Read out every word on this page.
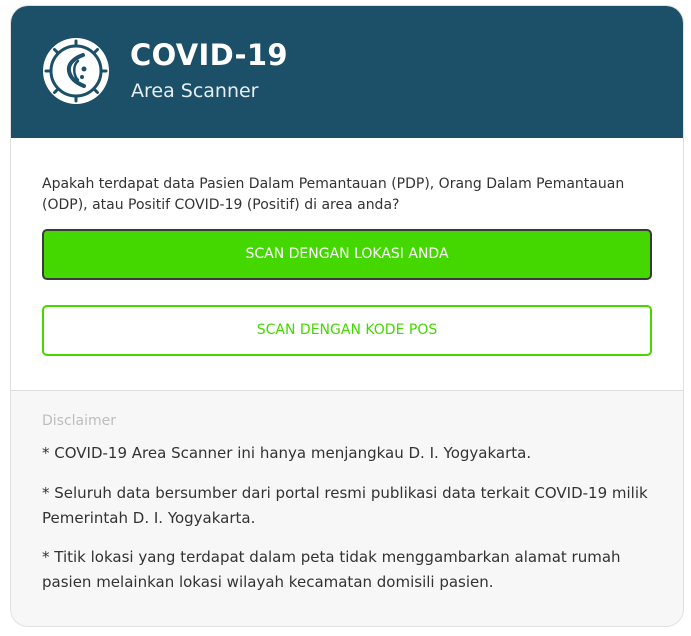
COVID-19
Area Scanner
Apakah terdapat data Pasien Dalam Pemantauan (PDP), Orang Dalam Pemantauan (ODP), atau Positif COVID-19 (Positif) di area anda?
SCAN DENGAN LOKASI ANDA
SCAN DENGAN KODE POS
Disclaimer
* COVID-19 Area Scanner ini hanya menjangkau D. I. Yogyakarta.
* Seluruh data bersumber dari portal resmi publikasi data terkait COVID-19 milik Pemerintah D. I. Yogyakarta.
* Titik lokasi yang terdapat dalam peta tidak menggambarkan alamat rumah pasien melainkan lokasi wilayah kecamatan domisili pasien.
